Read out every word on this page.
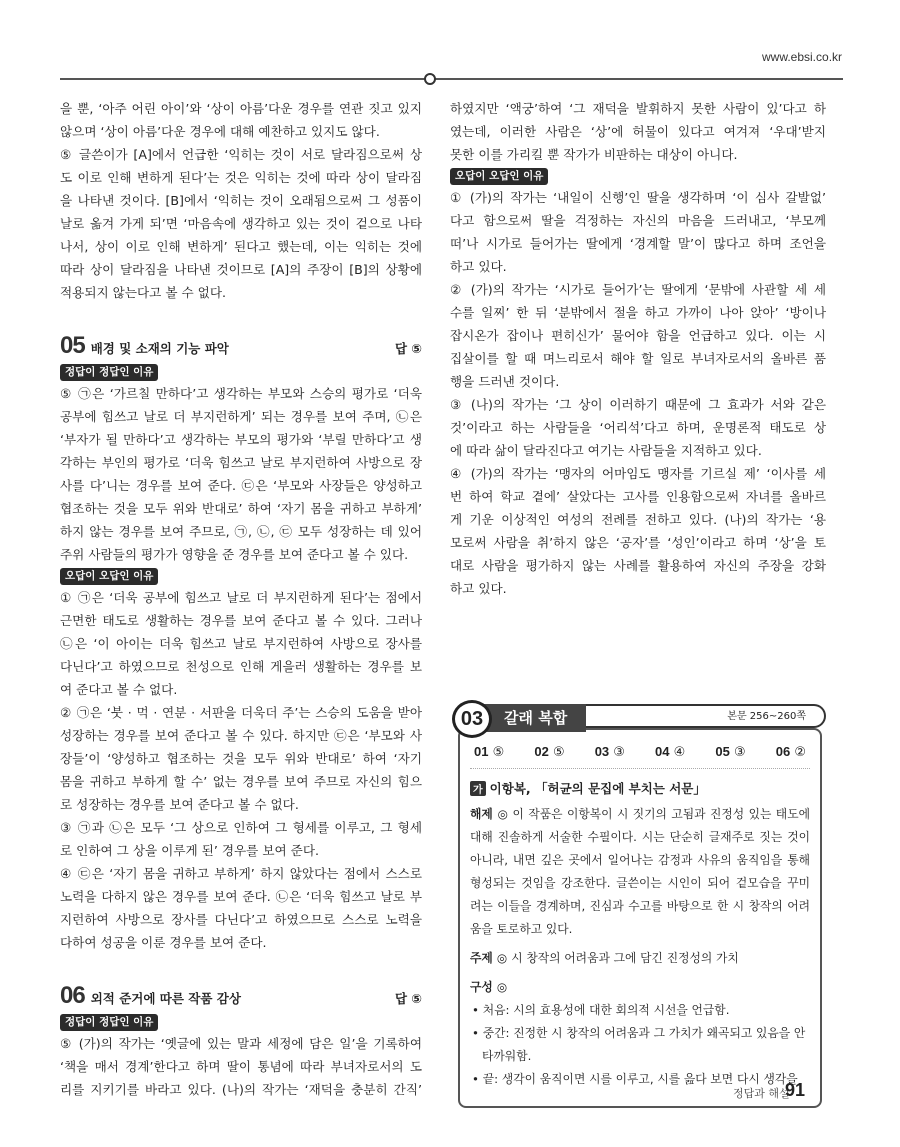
www.ebsi.co.kr
을 뿐, ‘아주 어린 아이’와 ‘상이 아름’다운 경우를 연관 짓고 있지
않으며 ‘상이 아름’다운 경우에 대해 예찬하고 있지도 않다.
⑤ 글쓴이가 [A]에서 언급한 ‘익히는 것이 서로 달라짐으로써 상
도 이로 인해 변하게 된다’는 것은 익히는 것에 따라 상이 달라짐
을 나타낸 것이다. [B]에서 ‘익히는 것이 오래됨으로써 그 성품이
날로 옮겨 가게 되’면 ‘마음속에 생각하고 있는 것이 겉으로 나타
나서, 상이 이로 인해 변하게’ 된다고 했는데, 이는 익히는 것에
따라 상이 달라짐을 나타낸 것이므로 [A]의 주장이 [B]의 상황에
적용되지 않는다고 볼 수 없다.
05 배경 및 소재의 기능 파악	답 ⑤
정답이 정답인 이유
⑤ ㉠은 ‘가르칠 만하다’고 생각하는 부모와 스승의 평가로 ‘더욱
공부에 힘쓰고 날로 더 부지런하게’ 되는 경우를 보여 주며, ㉡은
‘부자가 될 만하다’고 생각하는 부모의 평가와 ‘부릴 만하다’고 생
각하는 부인의 평가로 ‘더욱 힘쓰고 날로 부지런하여 사방으로 장
사를 다’니는 경우를 보여 준다. ㉢은 ‘부모와 사장들은 양성하고
협조하는 것을 모두 위와 반대로’ 하여 ‘자기 몸을 귀하고 부하게’
하지 않는 경우를 보여 주므로, ㉠, ㉡, ㉢ 모두 성장하는 데 있어
주위 사람들의 평가가 영향을 준 경우를 보여 준다고 볼 수 있다.
오답이 오답인 이유
① ㉠은 ‘더욱 공부에 힘쓰고 날로 더 부지런하게 된다’는 점에서
근면한 태도로 생활하는 경우를 보여 준다고 볼 수 있다. 그러나
㉡은 ‘이 아이는 더욱 힘쓰고 날로 부지런하여 사방으로 장사를
다닌다’고 하였으므로 천성으로 인해 게을러 생활하는 경우를 보
여 준다고 볼 수 없다.
② ㉠은 ‘붓 · 먹 · 연분 · 서판을 더욱더 주’는 스승의 도움을 받아
성장하는 경우를 보여 준다고 볼 수 있다. 하지만 ㉢은 ‘부모와 사
장들’이 ‘양성하고 협조하는 것을 모두 위와 반대로’ 하여 ‘자기
몸을 귀하고 부하게 할 수’ 없는 경우를 보여 주므로 자신의 힘으
로 성장하는 경우를 보여 준다고 볼 수 없다.
③ ㉠과 ㉡은 모두 ‘그 상으로 인하여 그 형세를 이루고, 그 형세
로 인하여 그 상을 이루게 된’ 경우를 보여 준다.
④ ㉢은 ‘자기 몸을 귀하고 부하게’ 하지 않았다는 점에서 스스로
노력을 다하지 않은 경우를 보여 준다. ㉡은 ‘더욱 힘쓰고 날로 부
지런하여 사방으로 장사를 다닌다’고 하였으므로 스스로 노력을
다하여 성공을 이룬 경우를 보여 준다.
06 외적 준거에 따른 작품 감상	답 ⑤
정답이 정답인 이유
⑤ (가)의 작가는 ‘옛글에 있는 말과 세정에 담은 일’을 기록하여
‘책을 매서 경계’한다고 하며 딸이 통념에 따라 부녀자로서의 도
리를 지키기를 바라고 있다. (나)의 작가는 ‘재덕을 충분히 간직’
하였지만 ‘액궁’하여 ‘그 재덕을 발휘하지 못한 사람이 있’다고 하
였는데, 이러한 사람은 ‘상’에 허물이 있다고 여겨져 ‘우대’받지
못한 이를 가리킬 뿐 작가가 비판하는 대상이 아니다.
오답이 오답인 이유
① (가)의 작가는 ‘내일이 신행’인 딸을 생각하며 ‘이 심사 갈발없’
다고 함으로써 딸을 걱정하는 자신의 마음을 드러내고, ‘부모께
떠’나 시가로 들어가는 딸에게 ‘경계할 말’이 많다고 하며 조언을
하고 있다.
② (가)의 작가는 ‘시가로 들어가’는 딸에게 ‘문밖에 사관할 세 세
수를 일찌’ 한 뒤 ‘분밖에서 절을 하고 가까이 나아 앉아’ ‘방이나
잡시온가 잡이나 편히신가’ 물어야 함을 언급하고 있다. 이는 시
집살이를 할 때 며느리로서 해야 할 일로 부녀자로서의 올바른 품
행을 드러낸 것이다.
③ (나)의 작가는 ‘그 상이 이러하기 때문에 그 효과가 서와 같은
것’이라고 하는 사람들을 ‘어리석’다고 하며, 운명론적 태도로 상
에 따라 삶이 달라진다고 여기는 사람들을 지적하고 있다.
④ (가)의 작가는 ‘맹자의 어마임도 맹자를 기르실 제’ ‘이사를 세
번 하여 학교 곁에’ 살았다는 고사를 인용함으로써 자녀를 올바르
게 기운 이상적인 여성의 전례를 전하고 있다. (나)의 작가는 ‘용
모로써 사람을 취’하지 않은 ‘공자’를 ‘성인’이라고 하며 ‘상’을 토
대로 사람을 평가하지 않는 사례를 활용하여 자신의 주장을 강화
하고 있다.
03	갈래 복합	본문 256~260쪽
01 ⑤ 02 ⑤ 03 ③ 04 ④ 05 ③ 06 ②
가 이항복, 「허균의 문집에 부치는 서문」
해제 ◎ 이 작품은 이항복이 시 짓기의 고됨과 진정성 있는 태도에
대해 진솔하게 서술한 수필이다. 시는 단순히 글재주로 짓는 것이
아니라, 내면 깊은 곳에서 일어나는 감정과 사유의 움직임을 통해
형성되는 것임을 강조한다. 글쓴이는 시인이 되어 겉모습을 꾸미
려는 이들을 경계하며, 진심과 수고를 바탕으로 한 시 창작의 어려
움을 토로하고 있다.
주제 ◎ 시 창작의 어려움과 그에 담긴 진정성의 가치
구성 ◎
• 처음: 시의 효용성에 대한 회의적 시선을 언급함.
• 중간: 진정한 시 창작의 어려움과 그 가치가 왜곡되고 있음을 안
타까워함.
• 끝: 생각이 움직이면 시를 이루고, 시를 읊다 보면 다시 생각을
정답과 해설
91
